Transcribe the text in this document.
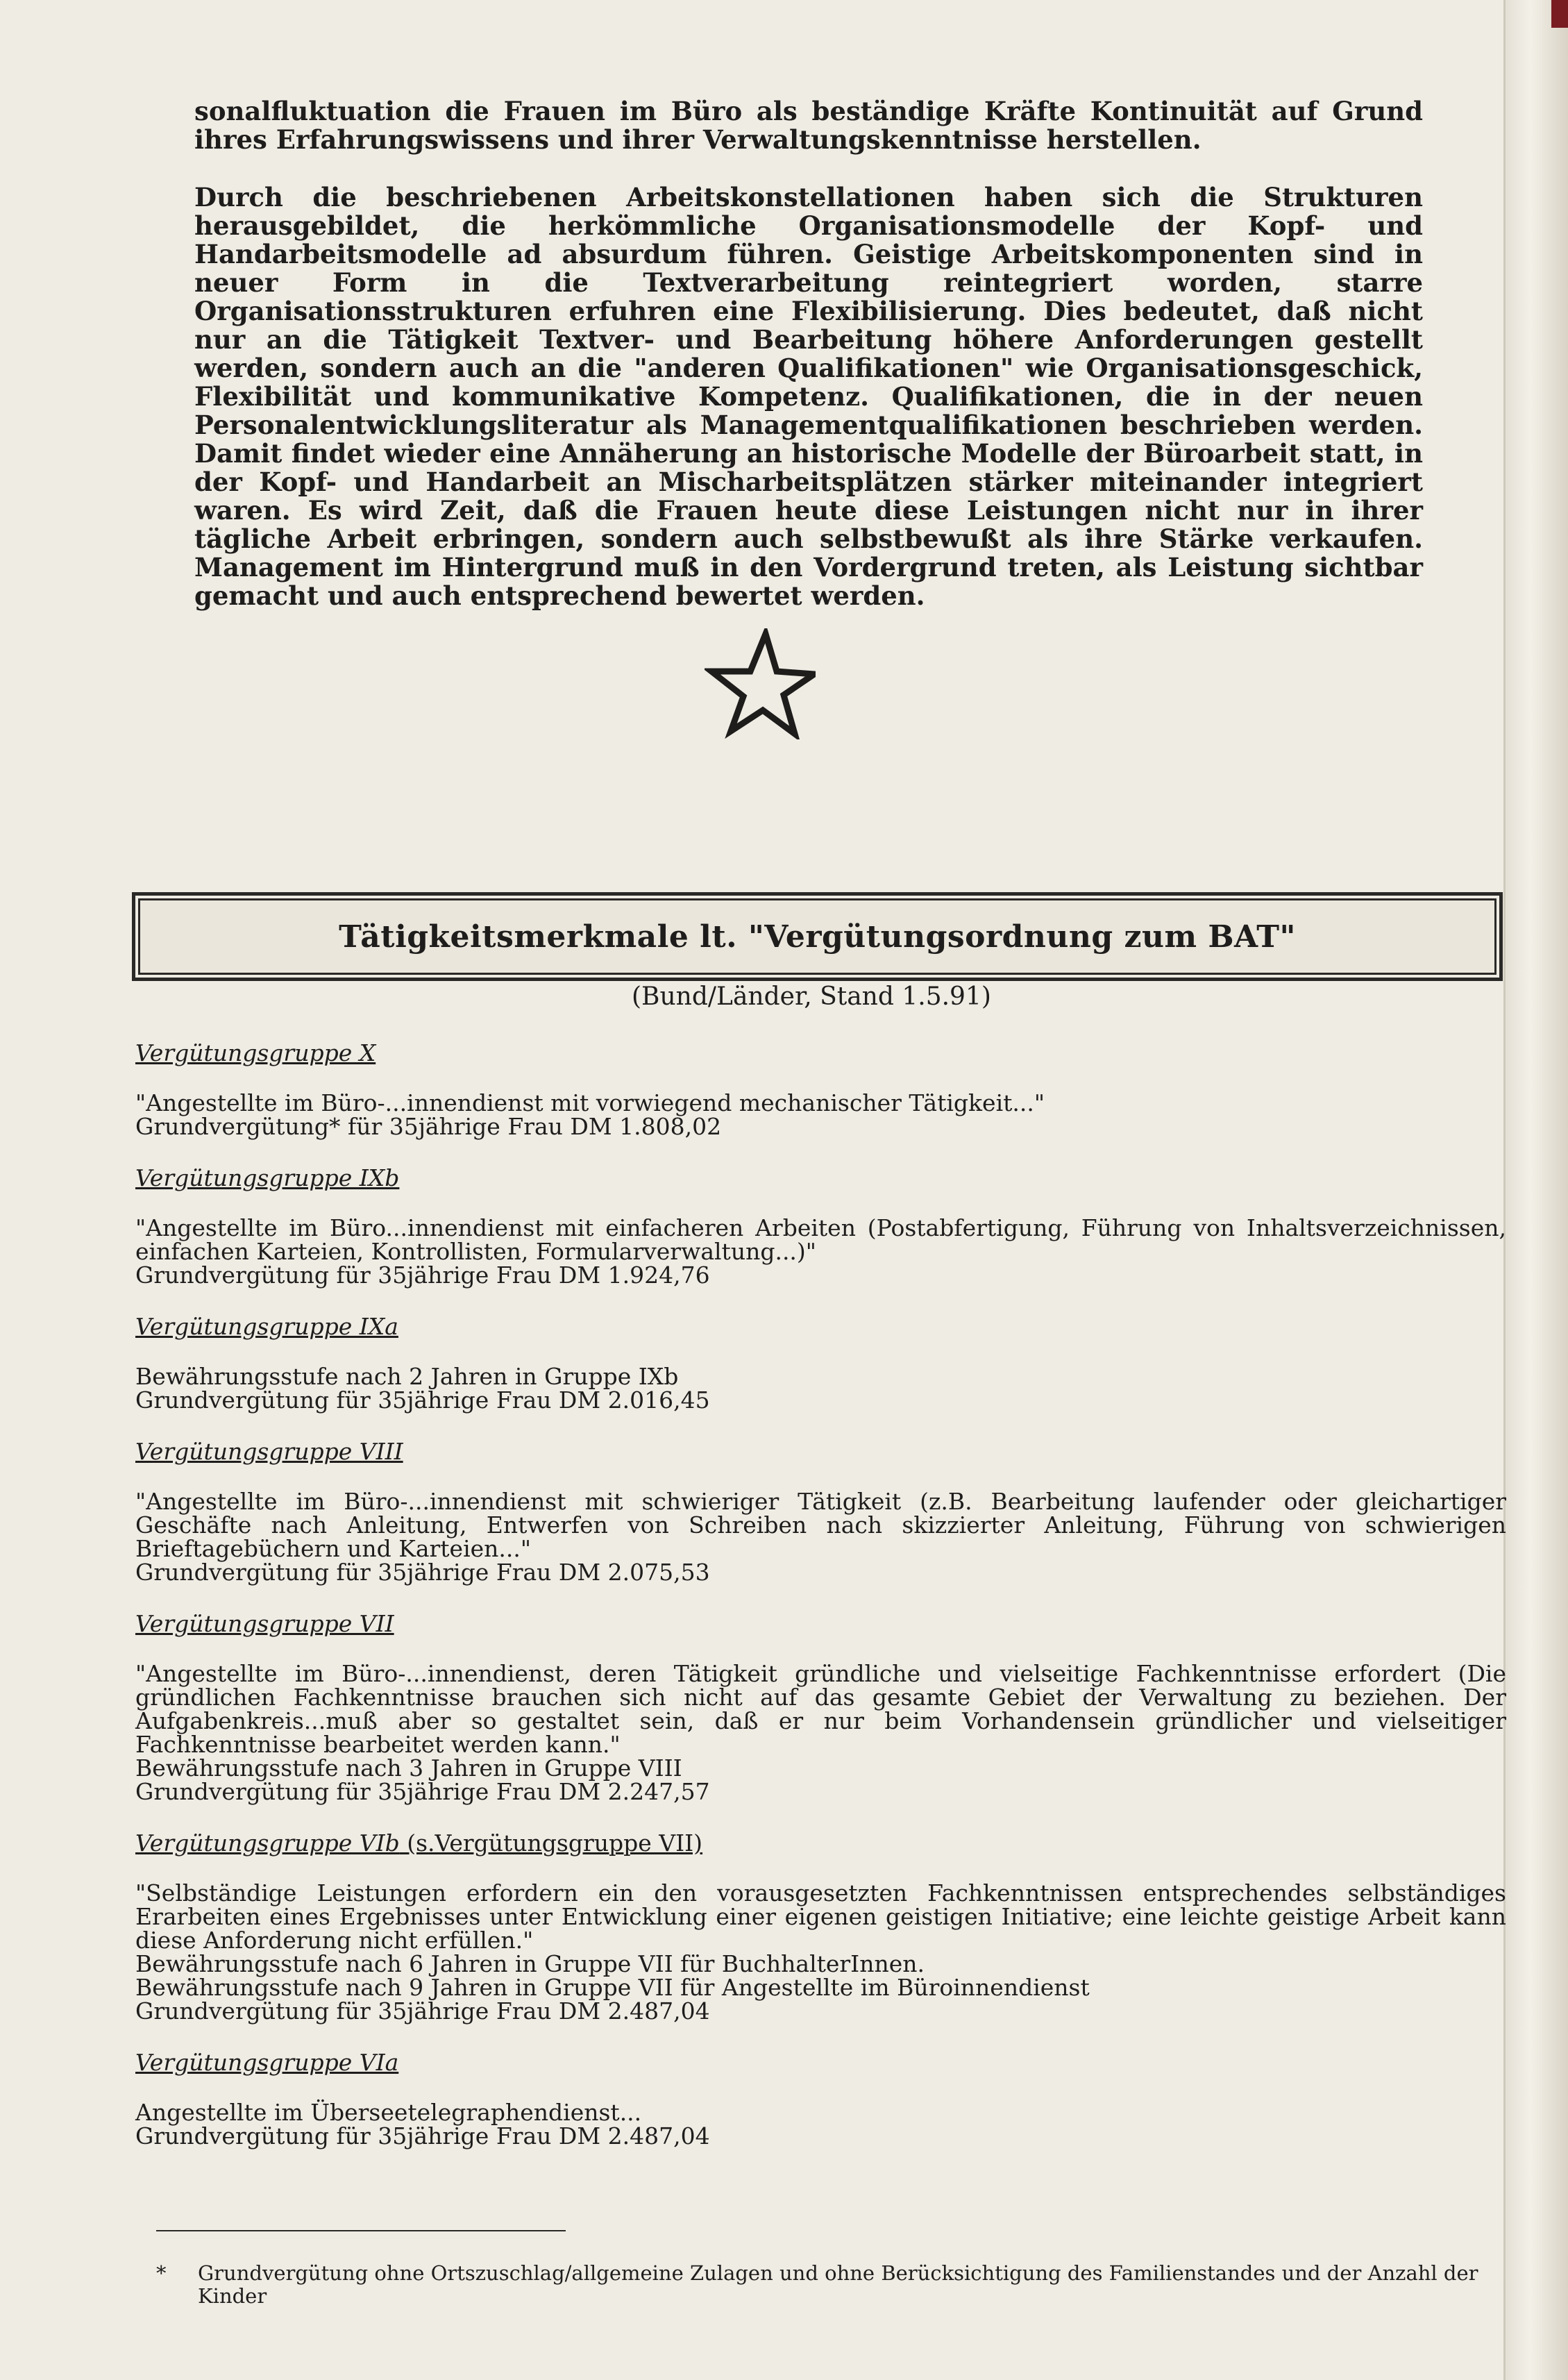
sonalfluktuation die Frauen im Büro als beständige Kräfte Kontinuität auf Grund ihres Erfahrungswissens und ihrer Verwaltungskenntnisse herstellen.

Durch die beschriebenen Arbeitskonstellationen haben sich die Strukturen herausgebildet, die herkömmliche Organisationsmodelle der Kopf- und Handarbeitsmodelle ad absurdum führen. Geistige Arbeitskomponenten sind in neuer Form in die Textverarbeitung reintegriert worden, starre Organisationsstrukturen erfuhren eine Flexibilisierung. Dies bedeutet, daß nicht nur an die Tätigkeit Textver- und Bearbeitung höhere Anforderungen gestellt werden, sondern auch an die "anderen Qualifikationen" wie Organisationsgeschick, Flexibilität und kommunikative Kompetenz. Qualifikationen, die in der neuen Personalentwicklungsliteratur als Managementqualifikationen beschrieben werden. Damit findet wieder eine Annäherung an historische Modelle der Büroarbeit statt, in der Kopf- und Handarbeit an Mischarbeitsplätzen stärker miteinander integriert waren. Es wird Zeit, daß die Frauen heute diese Leistungen nicht nur in ihrer tägliche Arbeit erbringen, sondern auch selbstbewußt als ihre Stärke verkaufen. Management im Hintergrund muß in den Vordergrund treten, als Leistung sichtbar gemacht und auch entsprechend bewertet werden.

Tätigkeitsmerkmale lt. "Vergütungsordnung zum BAT"
(Bund/Länder, Stand 1.5.91)
Vergütungsgruppe X
"Angestellte im Büro-...innendienst mit vorwiegend mechanischer Tätigkeit..."
Grundvergütung* für 35jährige Frau DM 1.808,02
Vergütungsgruppe IXb
"Angestellte im Büro...innendienst mit einfacheren Arbeiten (Postabfertigung, Führung von Inhaltsverzeichnissen, einfachen Karteien, Kontrollisten, Formularverwaltung...)"
Grundvergütung für 35jährige Frau DM 1.924,76
Vergütungsgruppe IXa
Bewährungsstufe nach 2 Jahren in Gruppe IXb
Grundvergütung für 35jährige Frau DM 2.016,45
Vergütungsgruppe VIII
"Angestellte im Büro-...innendienst mit schwieriger Tätigkeit (z.B. Bearbeitung laufender oder gleichartiger Geschäfte nach Anleitung, Entwerfen von Schreiben nach skizzierter Anleitung, Führung von schwierigen Brieftagebüchern und Karteien..."
Grundvergütung für 35jährige Frau DM 2.075,53
Vergütungsgruppe VII
"Angestellte im Büro-...innendienst, deren Tätigkeit gründliche und vielseitige Fachkenntnisse erfordert (Die gründlichen Fachkenntnisse brauchen sich nicht auf das gesamte Gebiet der Verwaltung zu beziehen. Der Aufgabenkreis...muß aber so gestaltet sein, daß er nur beim Vorhandensein gründlicher und vielseitiger Fachkenntnisse bearbeitet werden kann."
Bewährungsstufe nach 3 Jahren in Gruppe VIII
Grundvergütung für 35jährige Frau DM 2.247,57
Vergütungsgruppe VIb (s.Vergütungsgruppe VII)
"Selbständige Leistungen erfordern ein den vorausgesetzten Fachkenntnissen entsprechendes selbständiges Erarbeiten eines Ergebnisses unter Entwicklung einer eigenen geistigen Initiative; eine leichte geistige Arbeit kann diese Anforderung nicht erfüllen."
Bewährungsstufe nach 6 Jahren in Gruppe VII für BuchhalterInnen.
Bewährungsstufe nach 9 Jahren in Gruppe VII für Angestellte im Büroinnendienst
Grundvergütung für 35jährige Frau DM 2.487,04
Vergütungsgruppe VIa
Angestellte im Überseetelegraphendienst...
Grundvergütung für 35jährige Frau DM 2.487,04
*	Grundvergütung ohne Ortszuschlag/allgemeine Zulagen und ohne Berücksichtigung des Familienstandes und der Anzahl der Kinder
